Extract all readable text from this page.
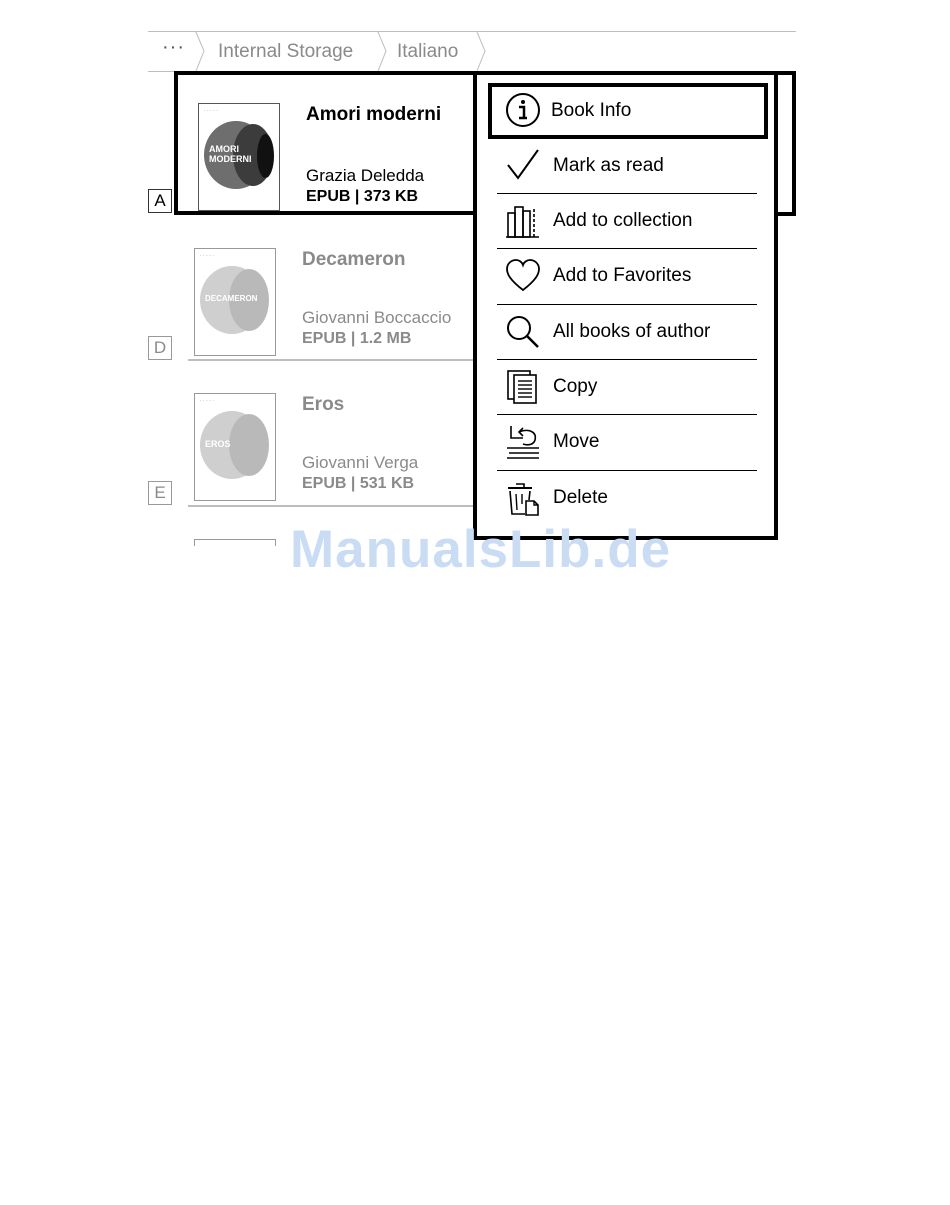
··· Internal Storage Italiano
A
· · · · ·
AMORI MODERNI
Amori moderni
Grazia Deledda
EPUB | 373 KB
D
· · · · ·
DECAMERON
Decameron
Giovanni Boccaccio
EPUB | 1.2 MB
E
· · · · ·
EROS
Eros
Giovanni Verga
EPUB | 531 KB
Book Info
Mark as read
Add to collection
Add to Favorites
All books of author
Copy
Move
Delete
ManualsLib.de
